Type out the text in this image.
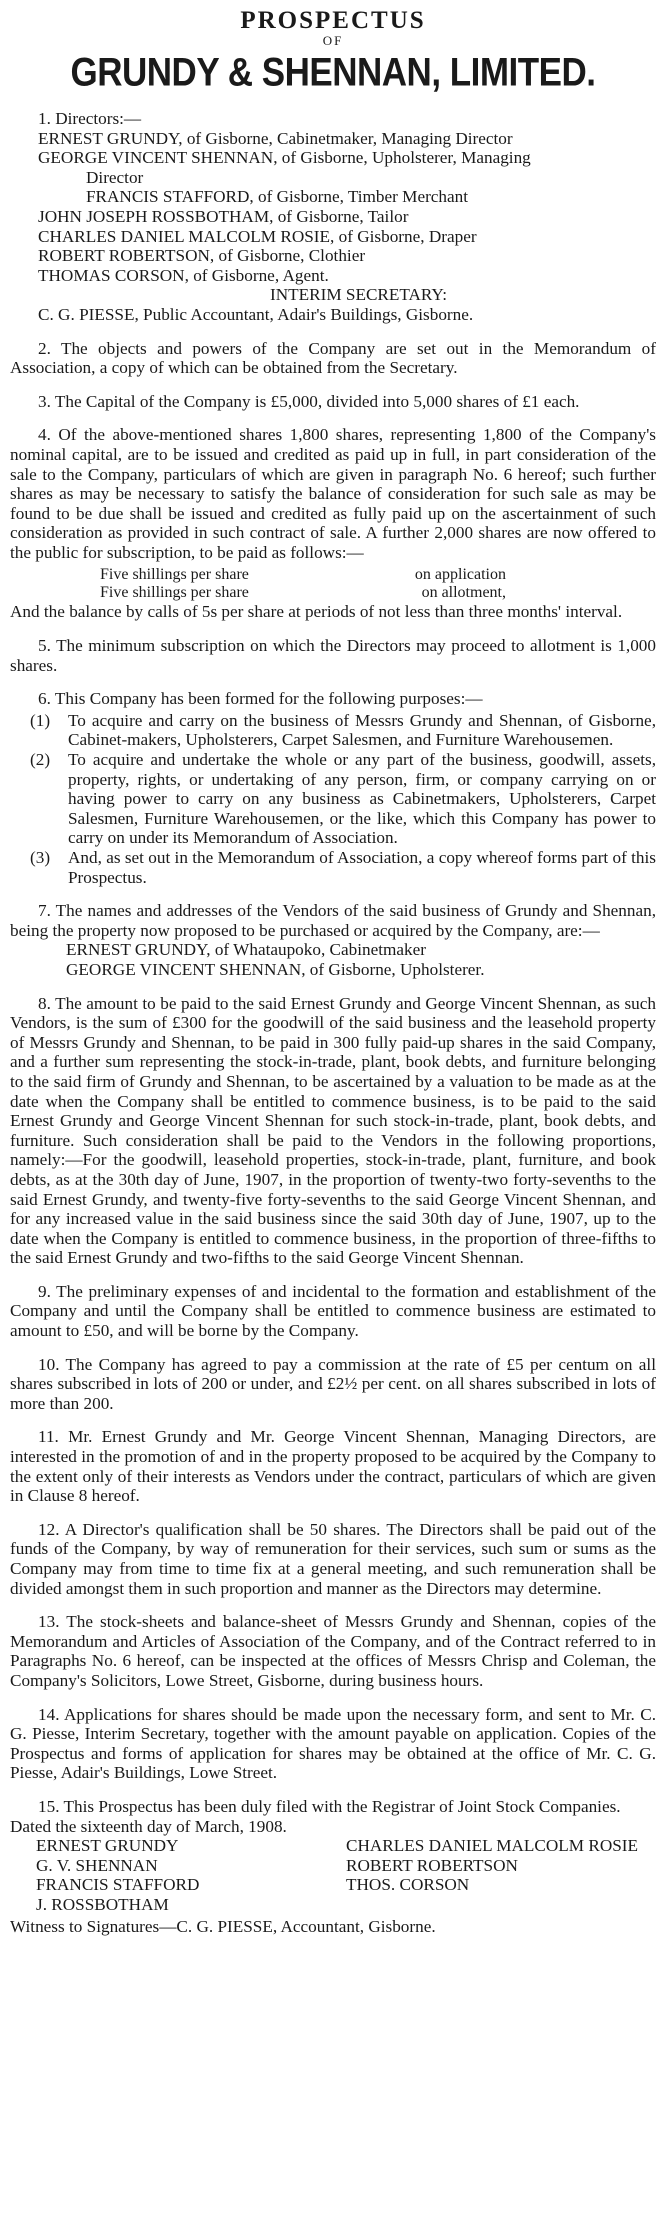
PROSPECTUS
OF
GRUNDY & SHENNAN, LIMITED.

1. Directors:—

ERNEST GRUNDY, of Gisborne, Cabinetmaker, Managing Director
GEORGE VINCENT SHENNAN, of Gisborne, Upholsterer, Managing
Director
FRANCIS STAFFORD, of Gisborne, Timber Merchant
JOHN JOSEPH ROSSBOTHAM, of Gisborne, Tailor
CHARLES DANIEL MALCOLM ROSIE, of Gisborne, Draper
ROBERT ROBERTSON, of Gisborne, Clothier
THOMAS CORSON, of Gisborne, Agent.
INTERIM SECRETARY:
C. G. PIESSE, Public Accountant, Adair's Buildings, Gisborne.

2. The objects and powers of the Company are set out in the Memorandum of Association, a copy of which can be obtained from the Secretary.

3. The Capital of the Company is £5,000, divided into 5,000 shares of £1 each.

4. Of the above-mentioned shares 1,800 shares, representing 1,800 of the Company's nominal capital, are to be issued and credited as paid up in full, in part consideration of the sale to the Company, particulars of which are given in paragraph No. 6 hereof; such further shares as may be necessary to satisfy the balance of consideration for such sale as may be found to be due shall be issued and credited as fully paid up on the ascertainment of such consideration as provided in such contract of sale. A further 2,000 shares are now offered to the public for subscription, to be paid as follows:—

Five shillings per share	on application
Five shillings per share	on allotment,

And the balance by calls of 5s per share at periods of not less than three months' interval.

5. The minimum subscription on which the Directors may proceed to allotment is 1,000 shares.

6. This Company has been formed for the following purposes:—

(1)	To acquire and carry on the business of Messrs Grundy and Shennan, of Gisborne, Cabinet-makers, Upholsterers, Carpet Salesmen, and Furniture Warehousemen.
(2)	To acquire and undertake the whole or any part of the business, goodwill, assets, property, rights, or undertaking of any person, firm, or company carrying on or having power to carry on any business as Cabinetmakers, Upholsterers, Carpet Salesmen, Furniture Warehousemen, or the like, which this Company has power to carry on under its Memorandum of Association.
(3)	And, as set out in the Memorandum of Association, a copy whereof forms part of this Prospectus.

7. The names and addresses of the Vendors of the said business of Grundy and Shennan, being the property now proposed to be purchased or acquired by the Company, are:—

ERNEST GRUNDY, of Whataupoko, Cabinetmaker
GEORGE VINCENT SHENNAN, of Gisborne, Upholsterer.

8. The amount to be paid to the said Ernest Grundy and George Vincent Shennan, as such Vendors, is the sum of £300 for the goodwill of the said business and the leasehold property of Messrs Grundy and Shennan, to be paid in 300 fully paid-up shares in the said Company, and a further sum representing the stock-in-trade, plant, book debts, and furniture belonging to the said firm of Grundy and Shennan, to be ascertained by a valuation to be made as at the date when the Company shall be entitled to commence business, is to be paid to the said Ernest Grundy and George Vincent Shennan for such stock-in-trade, plant, book debts, and furniture. Such consideration shall be paid to the Vendors in the following proportions, namely:—For the goodwill, leasehold properties, stock-in-trade, plant, furniture, and book debts, as at the 30th day of June, 1907, in the proportion of twenty-two forty-sevenths to the said Ernest Grundy, and twenty-five forty-sevenths to the said George Vincent Shennan, and for any increased value in the said business since the said 30th day of June, 1907, up to the date when the Company is entitled to commence business, in the proportion of three-fifths to the said Ernest Grundy and two-fifths to the said George Vincent Shennan.

9. The preliminary expenses of and incidental to the formation and establishment of the Company and until the Company shall be entitled to commence business are estimated to amount to £50, and will be borne by the Company.

10. The Company has agreed to pay a commission at the rate of £5 per centum on all shares subscribed in lots of 200 or under, and £2½ per cent. on all shares subscribed in lots of more than 200.

11. Mr. Ernest Grundy and Mr. George Vincent Shennan, Managing Directors, are interested in the promotion of and in the property proposed to be acquired by the Company to the extent only of their interests as Vendors under the contract, particulars of which are given in Clause 8 hereof.

12. A Director's qualification shall be 50 shares. The Directors shall be paid out of the funds of the Company, by way of remuneration for their services, such sum or sums as the Company may from time to time fix at a general meeting, and such remuneration shall be divided amongst them in such proportion and manner as the Directors may determine.

13. The stock-sheets and balance-sheet of Messrs Grundy and Shennan, copies of the Memorandum and Articles of Association of the Company, and of the Contract referred to in Paragraphs No. 6 hereof, can be inspected at the offices of Messrs Chrisp and Coleman, the Company's Solicitors, Lowe Street, Gisborne, during business hours.

14. Applications for shares should be made upon the necessary form, and sent to Mr. C. G. Piesse, Interim Secretary, together with the amount payable on application. Copies of the Prospectus and forms of application for shares may be obtained at the office of Mr. C. G. Piesse, Adair's Buildings, Lowe Street.

15. This Prospectus has been duly filed with the Registrar of Joint Stock Companies.

Dated the sixteenth day of March, 1908.

ERNEST GRUNDY	CHARLES DANIEL MALCOLM ROSIE
G. V. SHENNAN	ROBERT ROBERTSON
FRANCIS STAFFORD	THOS. CORSON
J. ROSSBOTHAM

Witness to Signatures—C. G. PIESSE, Accountant, Gisborne.
